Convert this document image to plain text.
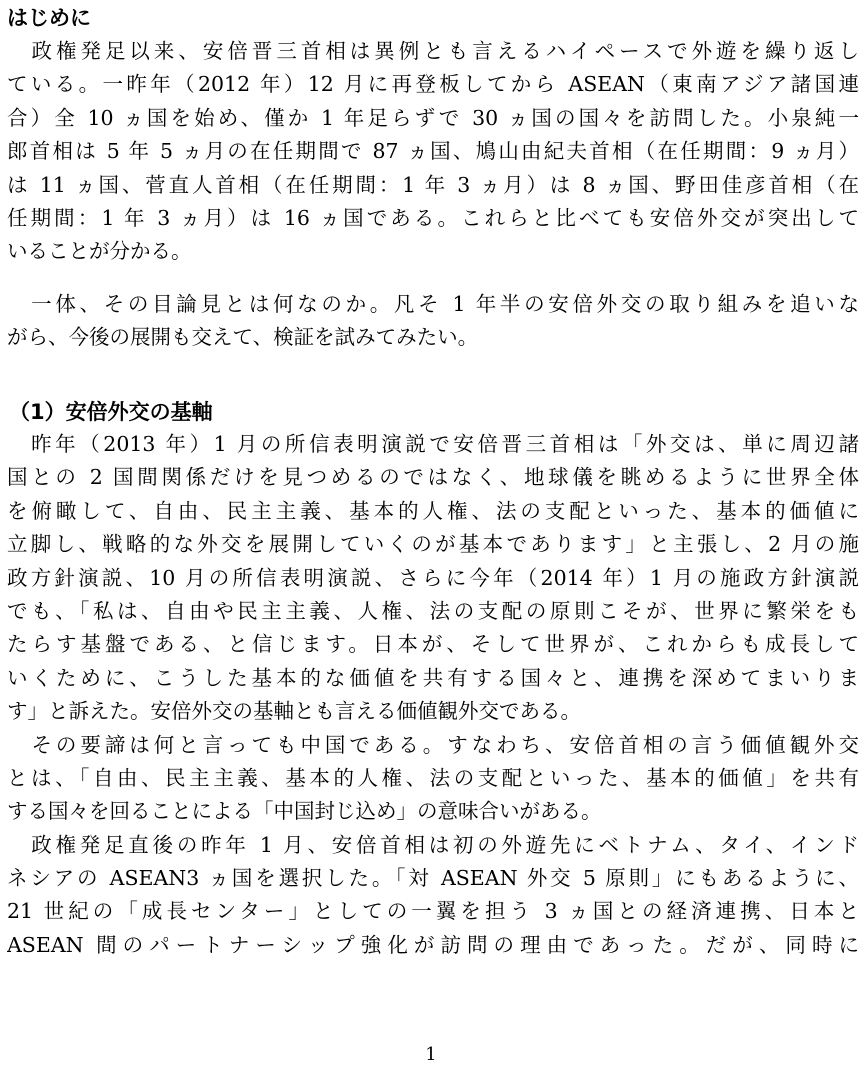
はじめに
　政権発足以来、安倍晋三首相は異例とも言えるハイペースで外遊を繰り返し
ている。一昨年（2012 年）12 月に再登板してから ASEAN（東南アジア諸国連
合）全 10 ヵ国を始め、僅か 1 年足らずで 30 ヵ国の国々を訪問した。小泉純一
郎首相は 5 年 5 ヵ月の在任期間で 87 ヵ国、鳩山由紀夫首相（在任期間：9 ヵ月）
は 11 ヵ国、菅直人首相（在任期間：1 年 3 ヵ月）は 8 ヵ国、野田佳彦首相（在
任期間：1 年 3 ヵ月）は 16 ヵ国である。これらと比べても安倍外交が突出して
いることが分かる。
　一体、その目論見とは何なのか。凡そ 1 年半の安倍外交の取り組みを追いな
がら、今後の展開も交えて、検証を試みてみたい。
（1）安倍外交の基軸
　昨年（2013 年）1 月の所信表明演説で安倍晋三首相は「外交は、単に周辺諸
国との 2 国間関係だけを見つめるのではなく、地球儀を眺めるように世界全体
を俯瞰して、自由、民主主義、基本的人権、法の支配といった、基本的価値に
立脚し、戦略的な外交を展開していくのが基本であります」と主張し、2 月の施
政方針演説、10 月の所信表明演説、さらに今年（2014 年）1 月の施政方針演説
でも、「私は、自由や民主主義、人権、法の支配の原則こそが、世界に繁栄をも
たらす基盤である、と信じます。日本が、そして世界が、これからも成長して
いくために、こうした基本的な価値を共有する国々と、連携を深めてまいりま
す」と訴えた。安倍外交の基軸とも言える価値観外交である。
　その要諦は何と言っても中国である。すなわち、安倍首相の言う価値観外交
とは、「自由、民主主義、基本的人権、法の支配といった、基本的価値」を共有
する国々を回ることによる「中国封じ込め」の意味合いがある。
　政権発足直後の昨年 1 月、安倍首相は初の外遊先にベトナム、タイ、インド
ネシアの ASEAN3 ヵ国を選択した。「対 ASEAN 外交 5 原則」にもあるように、
21 世紀の「成長センター」としての一翼を担う 3 ヵ国との経済連携、日本と
ASEAN 間のパートナーシップ強化が訪問の理由であった。だが、同時に
1
